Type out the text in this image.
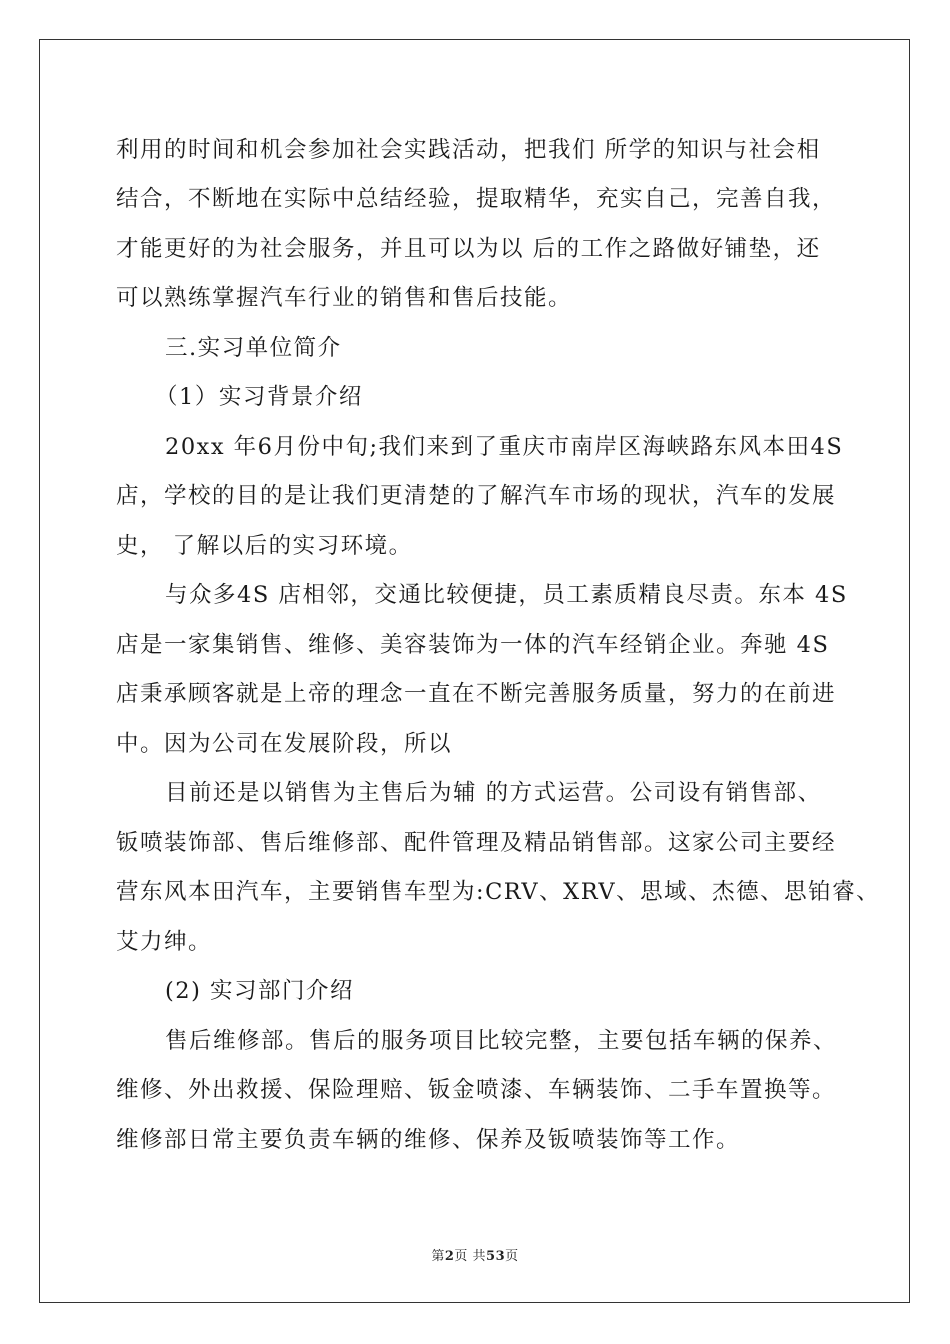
利用的时间和机会参加社会实践活动，把我们 所学的知识与社会相
结合，不断地在实际中总结经验，提取精华，充实自己，完善自我，
才能更好的为社会服务，并且可以为以 后的工作之路做好铺垫，还
可以熟练掌握汽车行业的销售和售后技能。
三.实习单位简介
（1）实习背景介绍
20xx 年6月份中旬;我们来到了重庆市南岸区海峡路东风本田4S
店，学校的目的是让我们更清楚的了解汽车市场的现状，汽车的发展
史， 了解以后的实习环境。
与众多4S 店相邻，交通比较便捷，员工素质精良尽责。东本 4S
店是一家集销售、维修、美容装饰为一体的汽车经销企业。奔驰 4S
店秉承顾客就是上帝的理念一直在不断完善服务质量，努力的在前进
中。因为公司在发展阶段，所以
目前还是以销售为主售后为辅 的方式运营。公司设有销售部、
钣喷装饰部、售后维修部、配件管理及精品销售部。这家公司主要经
营东风本田汽车，主要销售车型为:CRV、XRV、思域、杰德、思铂睿、
艾力绅。
(2) 实习部门介绍
售后维修部。售后的服务项目比较完整，主要包括车辆的保养、
维修、外出救援、保险理赔、钣金喷漆、车辆装饰、二手车置换等。
维修部日常主要负责车辆的维修、保养及钣喷装饰等工作。
第2页 共53页
